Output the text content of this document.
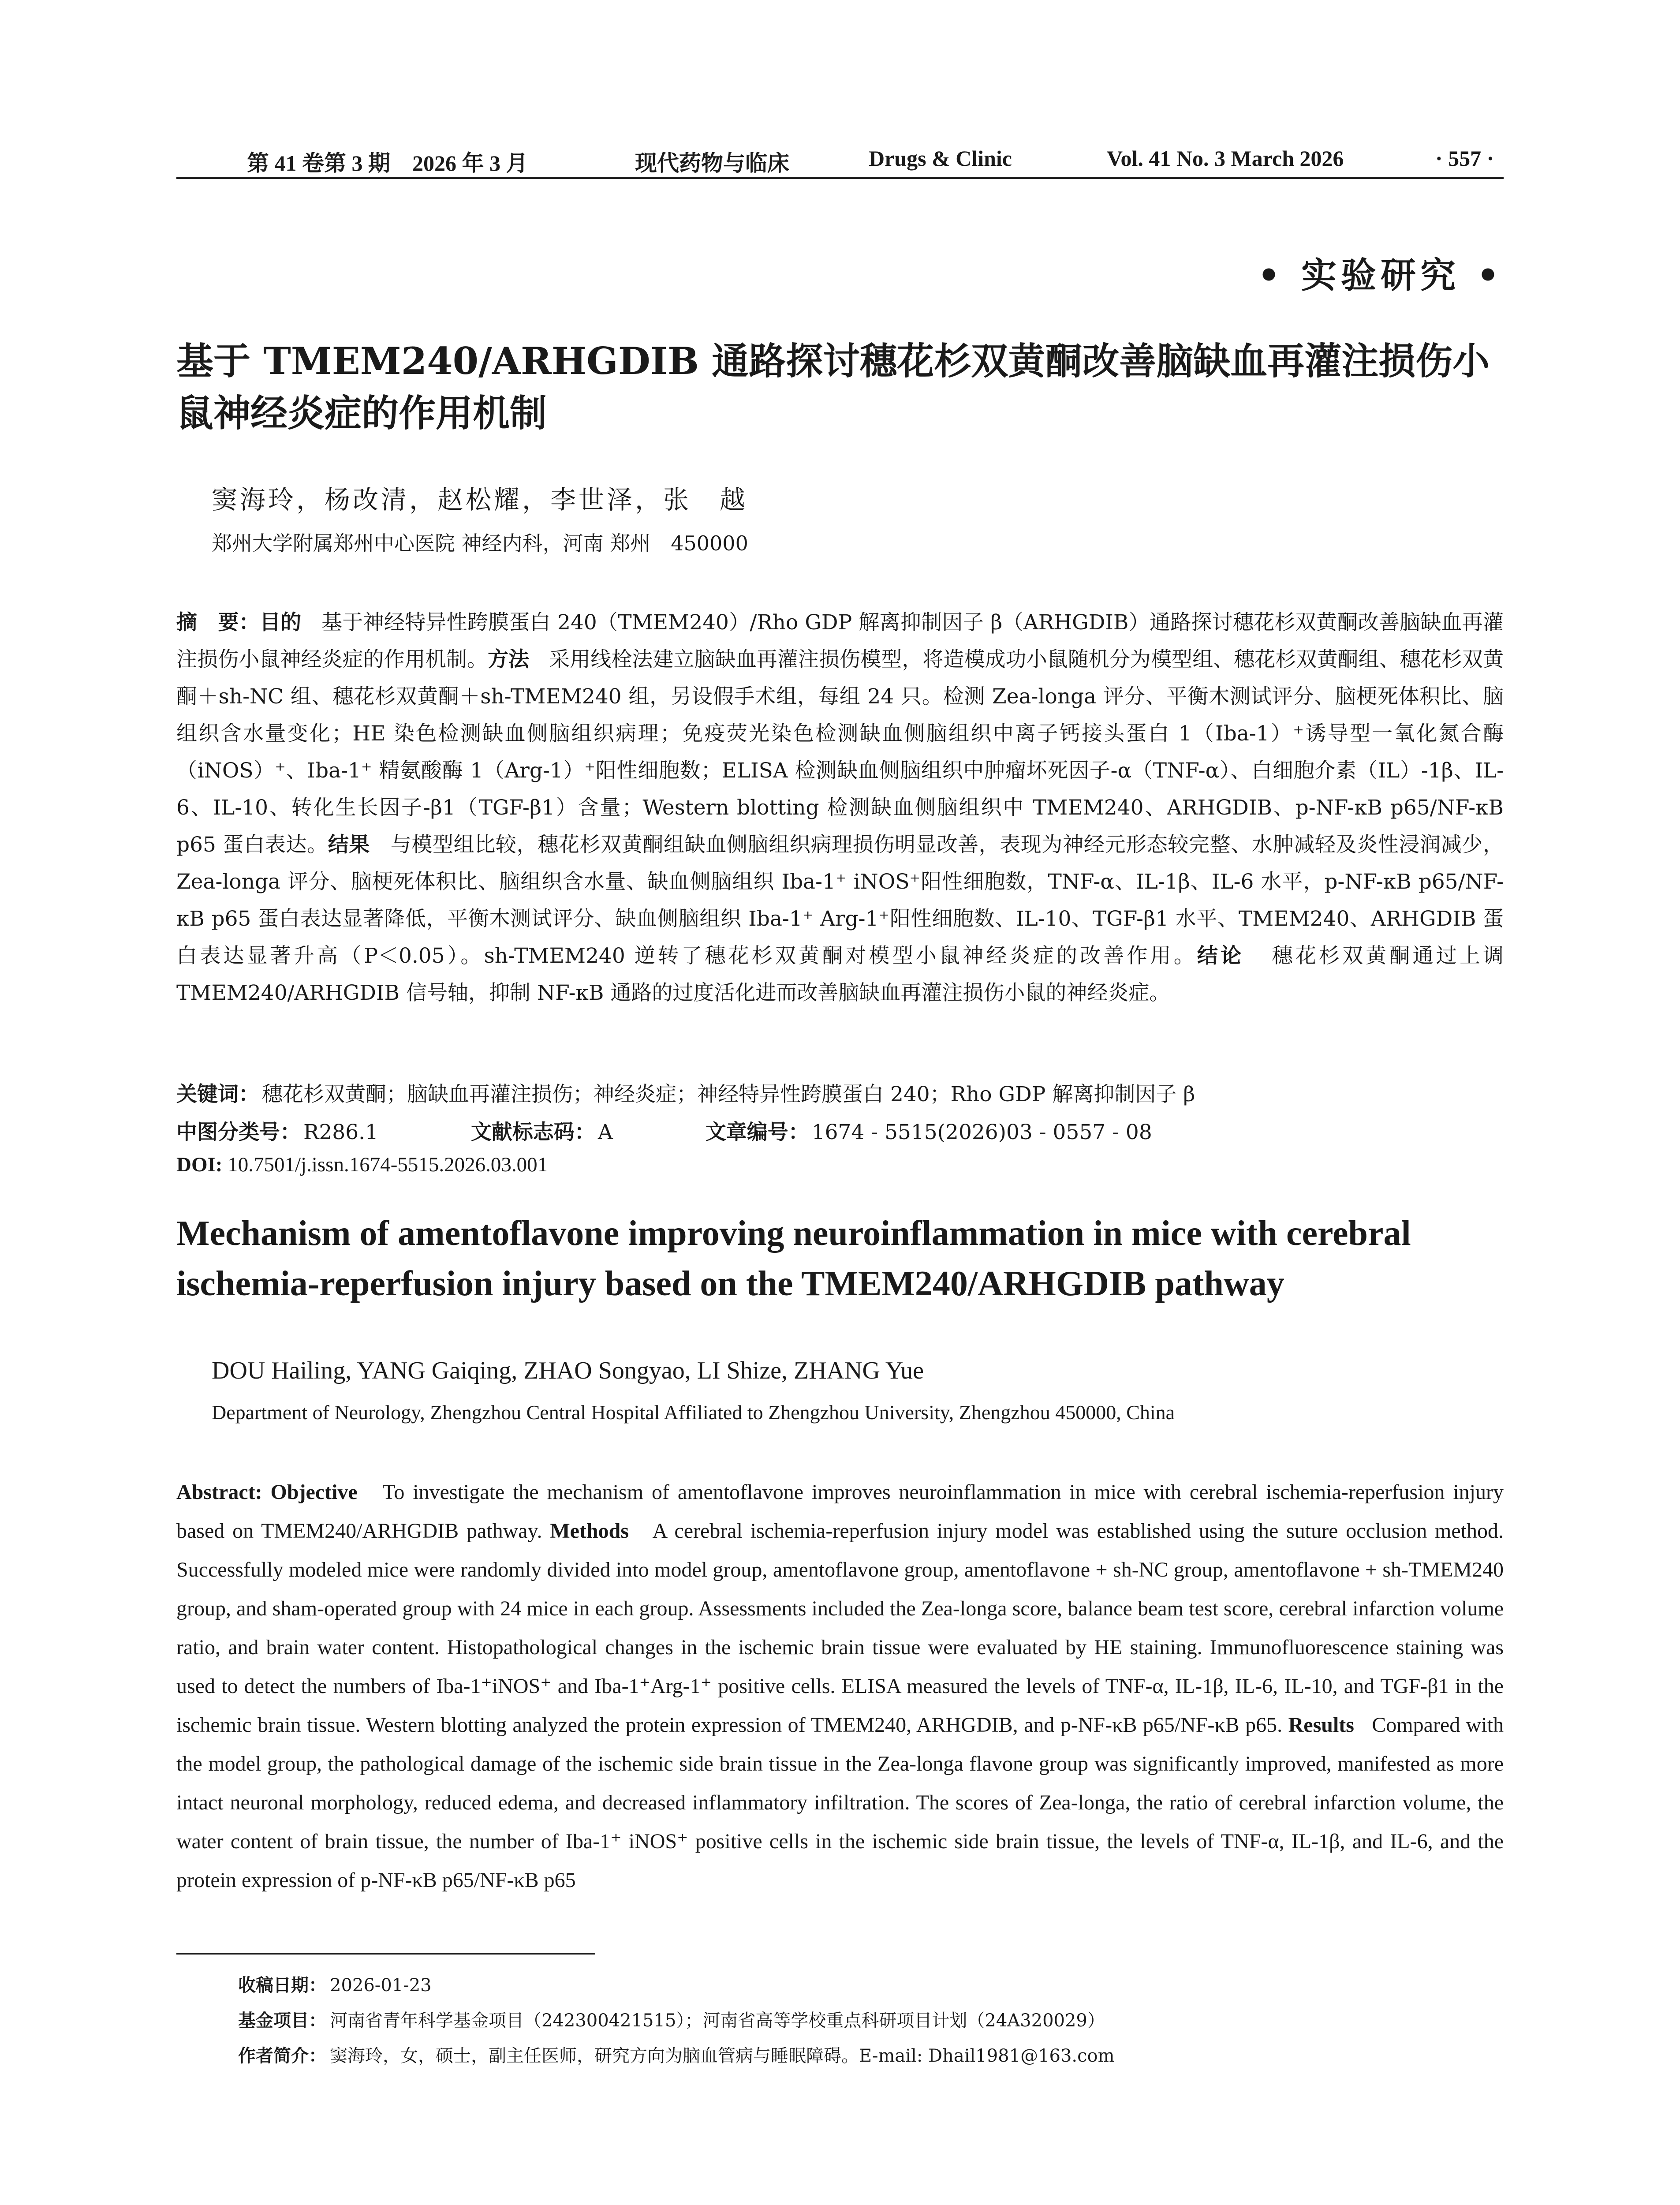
第 41 卷第 3 期　2026 年 3 月	现代药物与临床	Drugs & Clinic	Vol. 41 No. 3 March 2026	· 557 ·
• 实验研究 •
基于 TMEM240/ARHGDIB 通路探讨穗花杉双黄酮改善脑缺血再灌注损伤小鼠神经炎症的作用机制
窦海玲，杨改清，赵松耀，李世泽，张　越
郑州大学附属郑州中心医院 神经内科，河南 郑州　450000
摘　要：目的 基于神经特异性跨膜蛋白 240（TMEM240）/Rho GDP 解离抑制因子 β（ARHGDIB）通路探讨穗花杉双黄酮改善脑缺血再灌注损伤小鼠神经炎症的作用机制。方法 采用线栓法建立脑缺血再灌注损伤模型，将造模成功小鼠随机分为模型组、穗花杉双黄酮组、穗花杉双黄酮＋sh-NC 组、穗花杉双黄酮＋sh-TMEM240 组，另设假手术组，每组 24 只。检测 Zea-longa 评分、平衡木测试评分、脑梗死体积比、脑组织含水量变化；HE 染色检测缺血侧脑组织病理；免疫荧光染色检测缺血侧脑组织中离子钙接头蛋白 1（Iba-1）⁺诱导型一氧化氮合酶（iNOS）⁺、Iba-1⁺ 精氨酸酶 1（Arg-1）⁺阳性细胞数；ELISA 检测缺血侧脑组织中肿瘤坏死因子-α（TNF-α）、白细胞介素（IL）-1β、IL-6、IL-10、转化生长因子-β1（TGF-β1）含量；Western blotting 检测缺血侧脑组织中 TMEM240、ARHGDIB、p-NF-κB p65/NF-κB p65 蛋白表达。结果 与模型组比较，穗花杉双黄酮组缺血侧脑组织病理损伤明显改善，表现为神经元形态较完整、水肿减轻及炎性浸润减少，Zea-longa 评分、脑梗死体积比、脑组织含水量、缺血侧脑组织 Iba-1⁺ iNOS⁺阳性细胞数，TNF-α、IL-1β、IL-6 水平，p-NF-κB p65/NF-κB p65 蛋白表达显著降低，平衡木测试评分、缺血侧脑组织 Iba-1⁺ Arg-1⁺阳性细胞数、IL-10、TGF-β1 水平、TMEM240、ARHGDIB 蛋白表达显著升高（P＜0.05）。sh-TMEM240 逆转了穗花杉双黄酮对模型小鼠神经炎症的改善作用。结论 穗花杉双黄酮通过上调 TMEM240/ARHGDIB 信号轴，抑制 NF-κB 通路的过度活化进而改善脑缺血再灌注损伤小鼠的神经炎症。
关键词： 穗花杉双黄酮；脑缺血再灌注损伤；神经炎症；神经特异性跨膜蛋白 240；Rho GDP 解离抑制因子 β
中图分类号： R286.1	文献标志码： A	文章编号： 1674 - 5515(2026)03 - 0557 - 08
DOI: 10.7501/j.issn.1674-5515.2026.03.001
Mechanism of amentoflavone improving neuroinflammation in mice with cerebral ischemia-reperfusion injury based on the TMEM240/ARHGDIB pathway
DOU Hailing, YANG Gaiqing, ZHAO Songyao, LI Shize, ZHANG Yue
Department of Neurology, Zhengzhou Central Hospital Affiliated to Zhengzhou University, Zhengzhou 450000, China
Abstract: Objective To investigate the mechanism of amentoflavone improves neuroinflammation in mice with cerebral ischemia-reperfusion injury based on TMEM240/ARHGDIB pathway. Methods A cerebral ischemia-reperfusion injury model was established using the suture occlusion method. Successfully modeled mice were randomly divided into model group, amentoflavone group, amentoflavone + sh-NC group, amentoflavone + sh-TMEM240 group, and sham-operated group with 24 mice in each group. Assessments included the Zea-longa score, balance beam test score, cerebral infarction volume ratio, and brain water content. Histopathological changes in the ischemic brain tissue were evaluated by HE staining. Immunofluorescence staining was used to detect the numbers of Iba-1⁺iNOS⁺ and Iba-1⁺Arg-1⁺ positive cells. ELISA measured the levels of TNF-α, IL-1β, IL-6, IL-10, and TGF-β1 in the ischemic brain tissue. Western blotting analyzed the protein expression of TMEM240, ARHGDIB, and p-NF-κB p65/NF-κB p65. Results Compared with the model group, the pathological damage of the ischemic side brain tissue in the Zea-longa flavone group was significantly improved, manifested as more intact neuronal morphology, reduced edema, and decreased inflammatory infiltration. The scores of Zea-longa, the ratio of cerebral infarction volume, the water content of brain tissue, the number of Iba-1⁺ iNOS⁺ positive cells in the ischemic side brain tissue, the levels of TNF-α, IL-1β, and IL-6, and the protein expression of p-NF-κB p65/NF-κB p65
收稿日期： 2026-01-23
基金项目： 河南省青年科学基金项目（242300421515）；河南省高等学校重点科研项目计划（24A320029）
作者简介： 窦海玲，女，硕士，副主任医师，研究方向为脑血管病与睡眠障碍。E-mail: Dhail1981@163.com
